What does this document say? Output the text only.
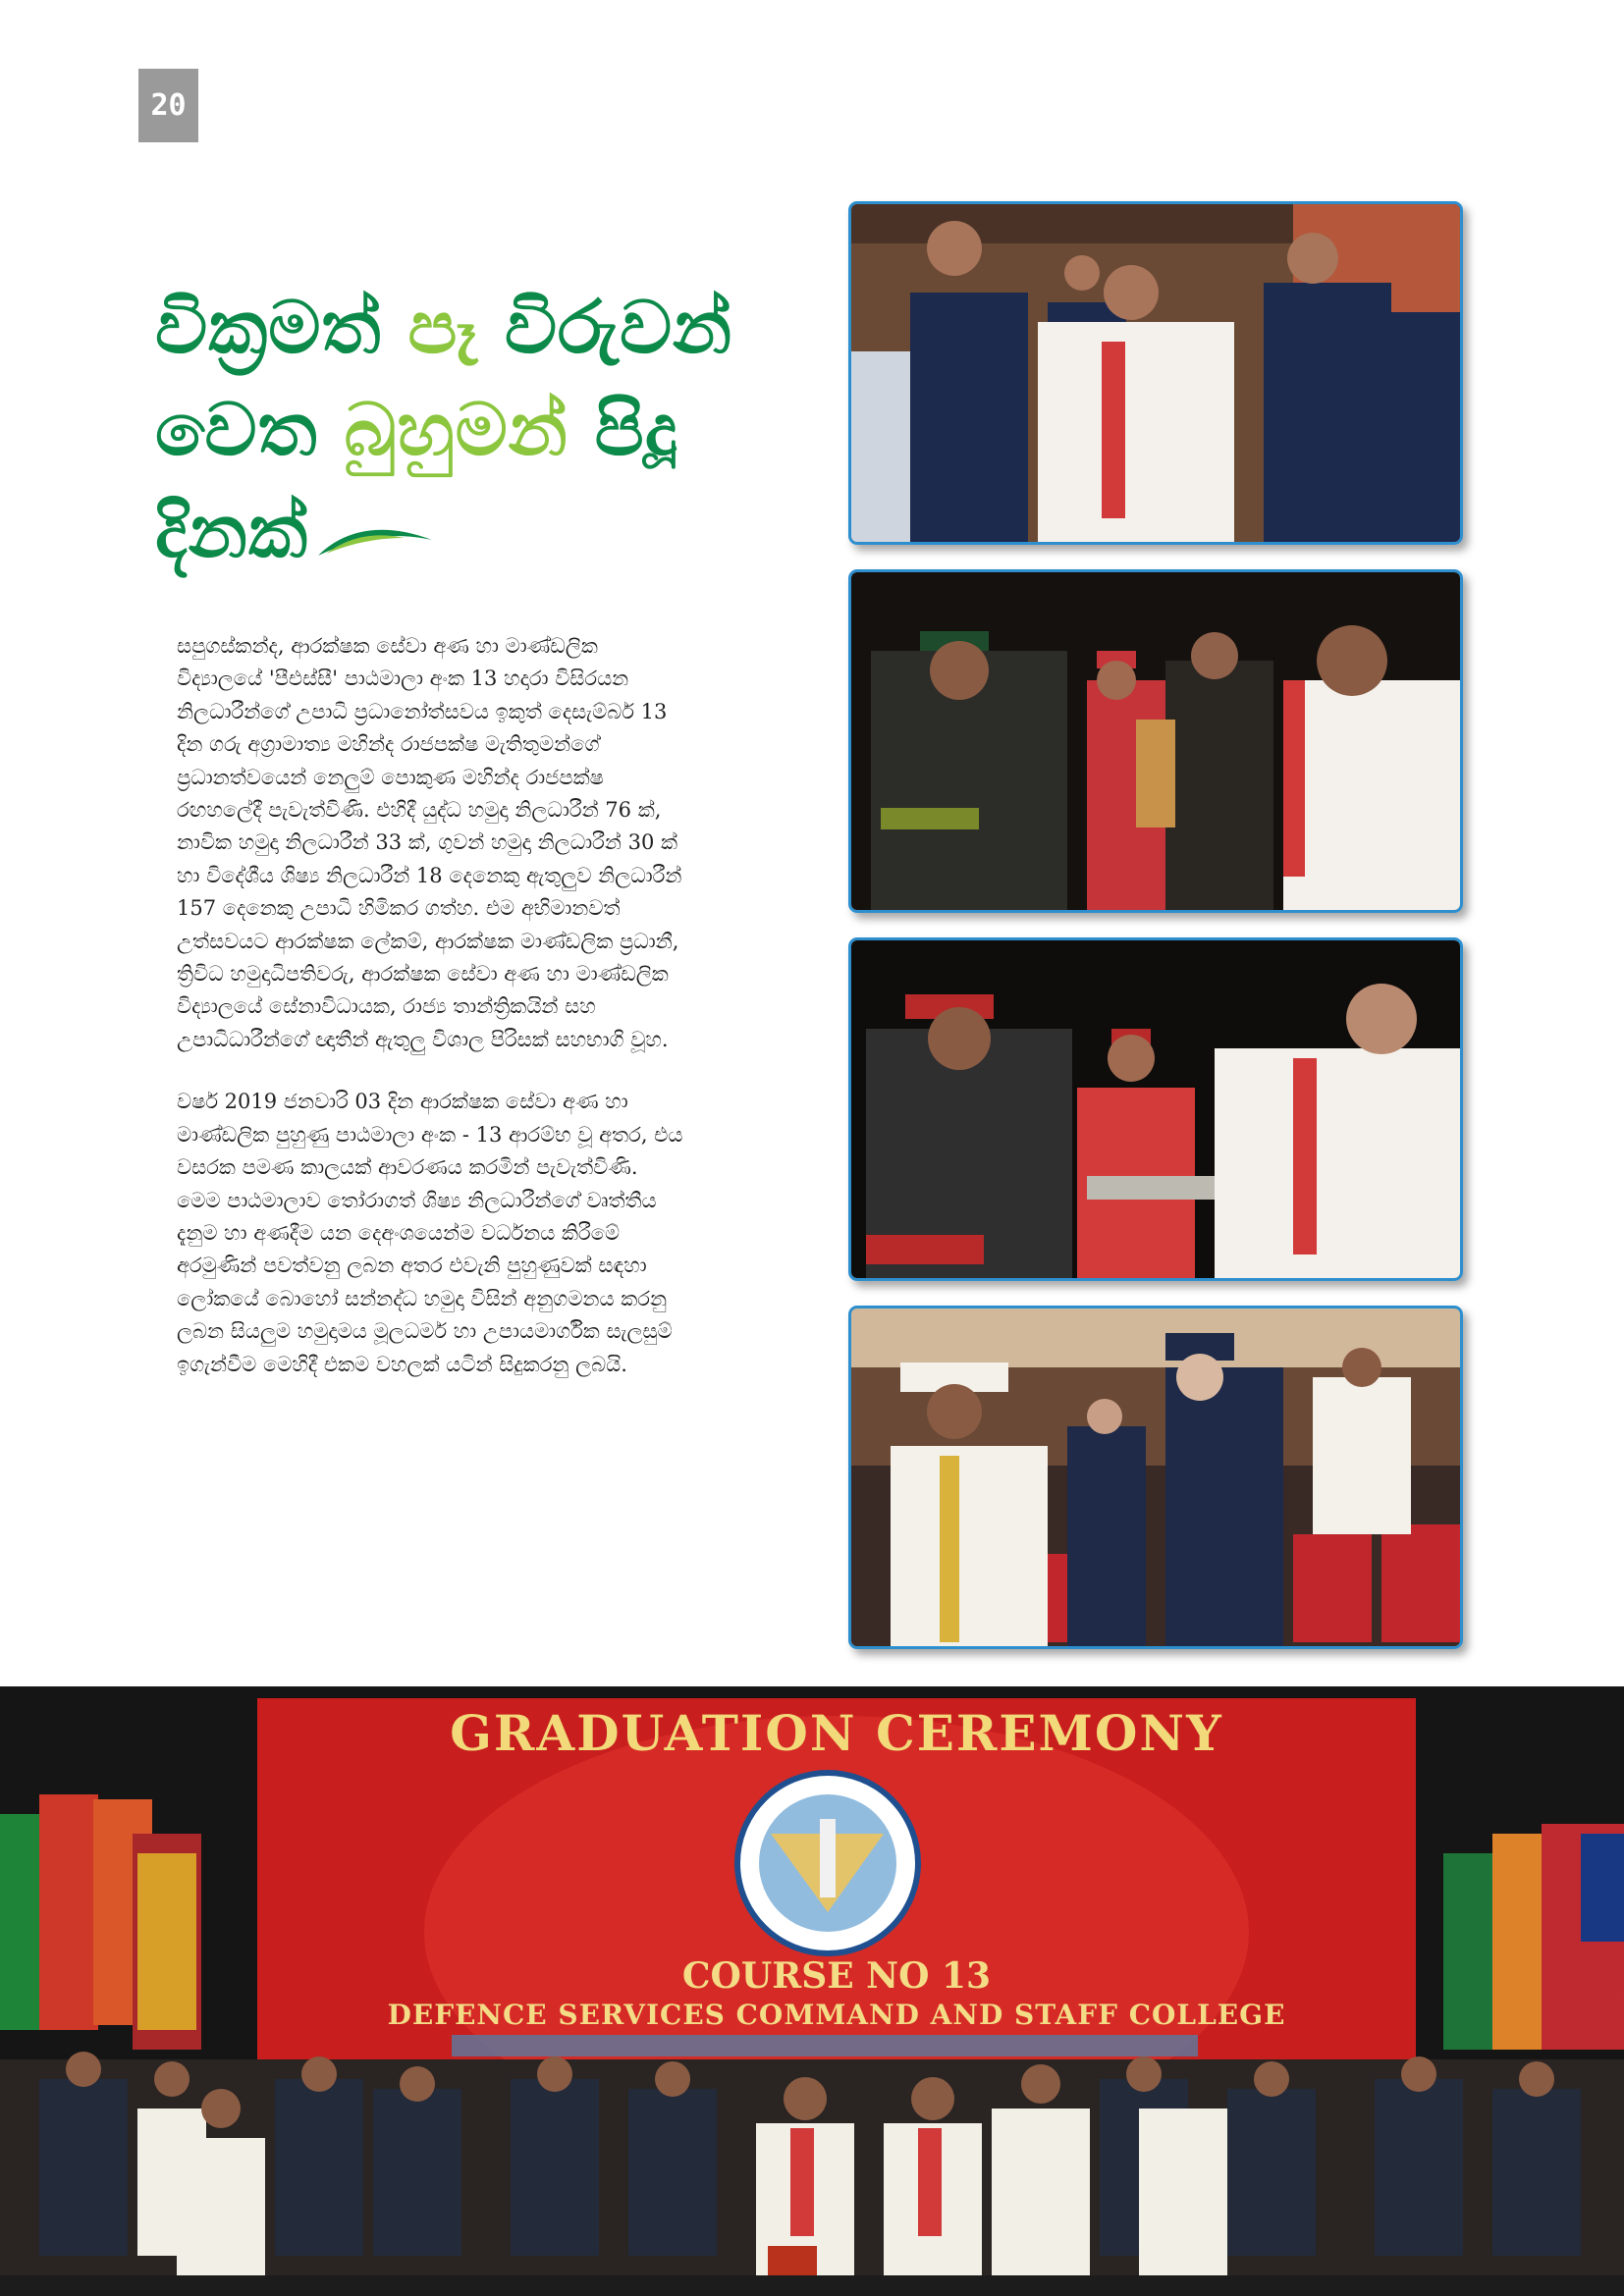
20
වික්‍රමත් පෑ විරුවන්
වෙත බුහුමන් පිදූ
දිනක්

සපුගස්කන්ද, ආරක්ෂක සේවා අණ හා මාණ්ඩලික විද්‍යාලයේ 'පීඑස්සී' පාඨමාලා අංක 13 හදාරා විසිරයන නිලධාරීන්ගේ උපාධි ප්‍රධානෝත්සවය ඉකුත් දෙසැම්බර් 13 දින ගරු අග්‍රාමාත්‍ය මහින්ද රාජපක්ෂ මැතිතුමන්ගේ ප්‍රධානත්වයෙන් නෙලුම් පොකුණ මහින්ද රාජපක්ෂ රඟහලේදී පැවැත්විණි. එහිදී යුද්ධ හමුදා නිලධාරීන් 76 ක්, නාවික හමුදා නිලධාරීන් 33 ක්, ගුවන් හමුදා නිලධාරීන් 30 ක් හා විදේශීය ශිෂ්‍ය නිලධාරීන් 18 දෙනෙකු ඇතුලුව නිලධාරීන් 157 දෙනෙකු උපාධි හිමිකර ගත්හ. එම අභිමානවත් උත්සවයට ආරක්ෂක ලේකම්, ආරක්ෂක මාණ්ඩලික ප්‍රධානී, ත්‍රිවිධ හමුදාධිපතිවරු, ආරක්ෂක සේවා අණ හා මාණ්ඩලික විද්‍යාලයේ සේනාවිධායක, රාජ්‍ය තාන්ත්‍රිකයින් සහ උපාධිධාරීන්ගේ ඥාතීන් ඇතුලු විශාල පිරිසක් සහභාගි වූහ.

වර්ෂ 2019 ජනවාරි 03 දින ආරක්ෂක සේවා අණ හා මාණ්ඩලික පුහුණු පාඨමාලා අංක - 13 ආරම්භ වූ අතර, එය වසරක පමණ කාලයක් ආවරණය කරමින් පැවැත්විණි. මෙම පාඨමාලාව තෝරාගත් ශිෂ්‍ය නිලධාරීන්ගේ වෘත්තීය දැනුම හා අණදීම යන දෙඅංශයෙන්ම වර්ධනය කිරීමේ අරමුණින් පවත්වනු ලබන අතර එවැනි පුහුණුවක් සඳහා ලෝකයේ බොහෝ සන්නද්ධ හමුදා විසින් අනුගමනය කරනු ලබන සියලුම හමුදාමය මූලධර්ම හා උපායමාර්ගික සැලසුම් ඉගැන්වීම මෙහිදී එකම වහලක් යටින් සිදුකරනු ලබයි.

GRADUATION CEREMONY
COURSE NO 13
DEFENCE SERVICES COMMAND AND STAFF COLLEGE
